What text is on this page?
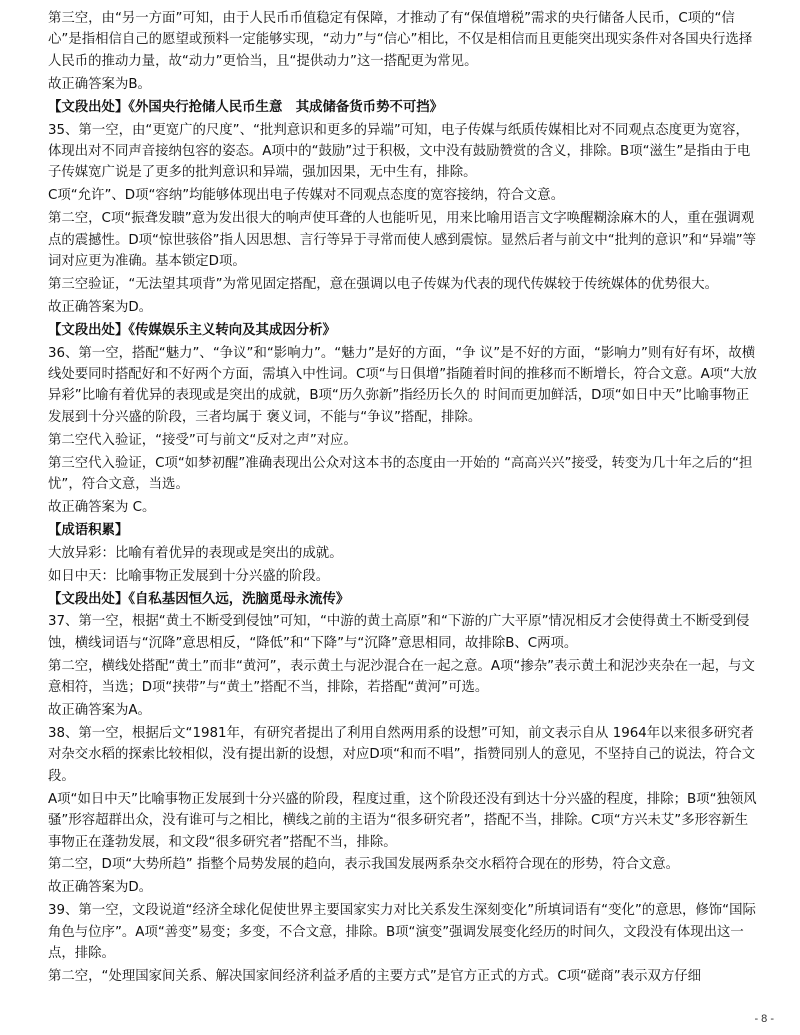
第三空，由“另一方面”可知，由于人民币币值稳定有保障，才推动了有“保值增税”需求的央行储备人民币，C项的“信心”是指相信自己的愿望或预料一定能够实现，“动力”与“信心”相比，不仅是相信而且更能突出现实条件对各国央行选择人民币的推动力量，故“动力”更恰当，且“提供动力”这一搭配更为常见。

故正确答案为B。

【文段出处】《外国央行抢储人民币生意　其成储备货币势不可挡》

35、第一空，由“更宽广的尺度”、“批判意识和更多的异端”可知，电子传媒与纸质传媒相比对不同观点态度更为宽容，体现出对不同声音接纳包容的姿态。A项中的“鼓励”过于积极，文中没有鼓励赞赏的含义，排除。B项“滋生”是指由于电子传媒宽广说是了更多的批判意识和异端，强加因果，无中生有，排除。

C项“允许”、D项“容纳”均能够体现出电子传媒对不同观点态度的宽容接纳，符合文意。

第二空，C项“振聋发聩”意为发出很大的响声使耳聋的人也能听见，用来比喻用语言文字唤醒糊涂麻木的人，重在强调观点的震撼性。D项“惊世骇俗”指人因思想、言行等异于寻常而使人感到震惊。显然后者与前文中“批判的意识”和“异端”等词对应更为准确。基本锁定D项。

第三空验证，“无法望其项背”为常见固定搭配，意在强调以电子传媒为代表的现代传媒较于传统媒体的优势很大。

故正确答案为D。

【文段出处】《传媒娱乐主义转向及其成因分析》

36、第一空，搭配“魅力”、“争议”和“影响力”。“魅力”是好的方面，“争 议”是不好的方面，“影响力”则有好有坏，故横线处要同时搭配好和不好两个方面，需填入中性词。C项“与日俱增”指随着时间的推移而不断增长，符合文意。A项“大放异彩”比喻有着优异的表现或是突出的成就，B项“历久弥新”指经历长久的 时间而更加鲜活，D项“如日中天”比喻事物正发展到十分兴盛的阶段，三者均属于 褒义词，不能与“争议”搭配，排除。

第二空代入验证，“接受”可与前文“反对之声”对应。

第三空代入验证，C项“如梦初醒”准确表现出公众对这本书的态度由一开始的 “高高兴兴”接受，转变为几十年之后的“担忧”，符合文意，当选。

故正确答案为 C。

【成语积累】

大放异彩：比喻有着优异的表现或是突出的成就。

如日中天：比喻事物正发展到十分兴盛的阶段。

【文段出处】《自私基因恒久远，洗脑觅母永流传》

37、第一空，根据“黄土不断受到侵蚀”可知，“中游的黄土高原”和“下游的广大平原”情况相反才会使得黄土不断受到侵蚀，横线词语与“沉降”意思相反，“降低”和“下降”与“沉降”意思相同，故排除B、C两项。

第二空，横线处搭配“黄土”而非“黄河”，表示黄土与泥沙混合在一起之意。A项“掺杂”表示黄土和泥沙夹杂在一起，与文意相符，当选；D项“挟带”与“黄土”搭配不当，排除，若搭配“黄河”可选。

故正确答案为A。

38、第一空，根据后文“1981年，有研究者提出了利用自然两用系的设想”可知，前文表示自从 1964年以来很多研究者对杂交水稻的探索比较相似，没有提出新的设想，对应D项“和而不唱”，指赞同别人的意见，不坚持自己的说法，符合文段。

A项“如日中天”比喻事物正发展到十分兴盛的阶段，程度过重，这个阶段还没有到达十分兴盛的程度，排除；B项“独领风骚”形容超群出众，没有谁可与之相比，横线之前的主语为“很多研究者”，搭配不当，排除。C项“方兴未艾”多形容新生事物正在蓬勃发展，和文段“很多研究者”搭配不当，排除。

第二空，D项“大势所趋” 指整个局势发展的趋向，表示我国发展两系杂交水稻符合现在的形势，符合文意。

故正确答案为D。

39、第一空，文段说道“经济全球化促使世界主要国家实力对比关系发生深刻变化”所填词语有“变化”的意思，修饰“国际角色与位序”。A项“善变”易变；多变，不合文意，排除。B项“演变”强调发展变化经历的时间久，文段没有体现出这一点，排除。

第二空，“处理国家间关系、解决国家间经济利益矛盾的主要方式”是官方正式的方式。C项“磋商”表示双方仔细

- 8 -
